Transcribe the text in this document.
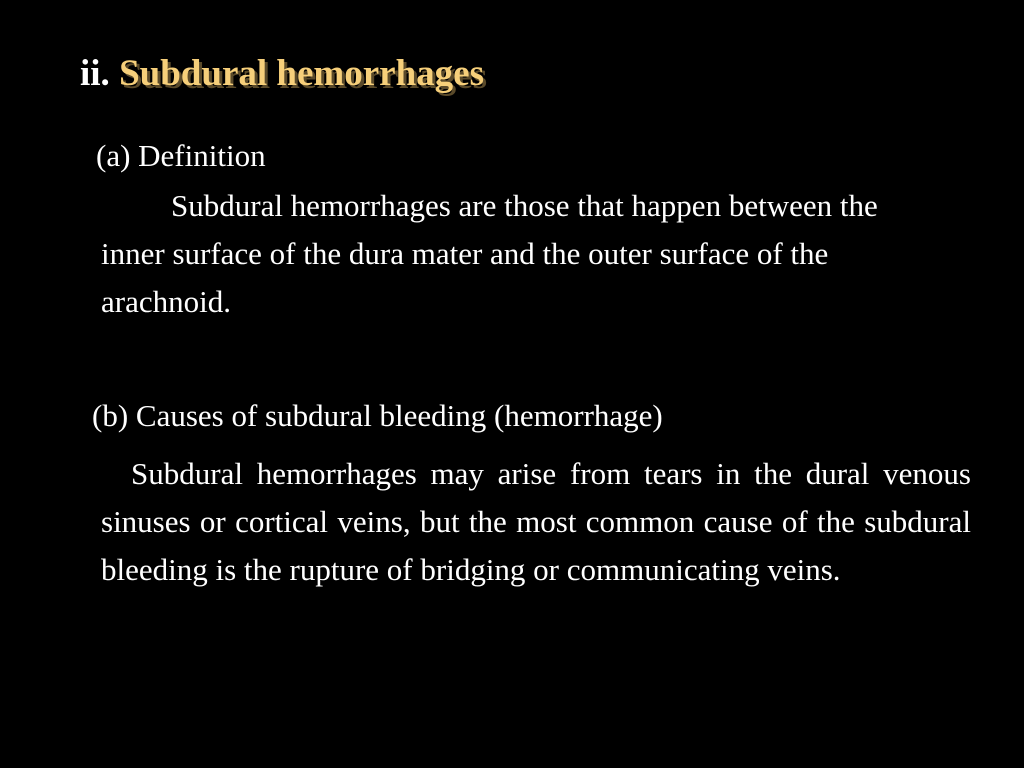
ii. Subdural hemorrhages
(a) Definition
Subdural hemorrhages are those that happen between the inner surface of the dura mater and the outer surface of the arachnoid.
(b) Causes of subdural bleeding (hemorrhage)
Subdural hemorrhages may arise from tears in the dural venous sinuses or cortical veins, but the most common cause of the subdural bleeding is the rupture of bridging or communicating veins.
